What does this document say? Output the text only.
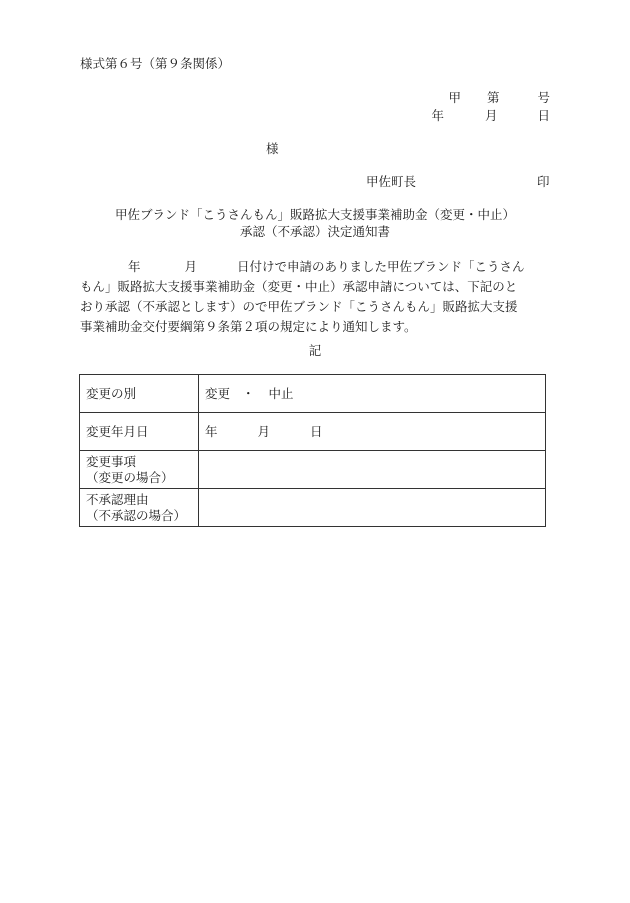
様式第６号（第９条関係）
甲 第	号
年	月	日
様
甲佐町長	印
甲佐ブランド「こうさんもん」販路拡大支援事業補助金（変更・中止）
承認（不承認）決定通知書
年	月	日付けで申請のありました甲佐ブランド「こうさん
もん」販路拡大支援事業補助金（変更・中止）承認申請については、下記のと
おり承認（不承認とします）ので甲佐ブランド「こうさんもん」販路拡大支援
事業補助金交付要綱第９条第２項の規定により通知します。
記
変更の別	変更 ・ 中止
変更年月日	年 月 日
変更事項
（変更の場合）	
不承認理由
（不承認の場合）	
